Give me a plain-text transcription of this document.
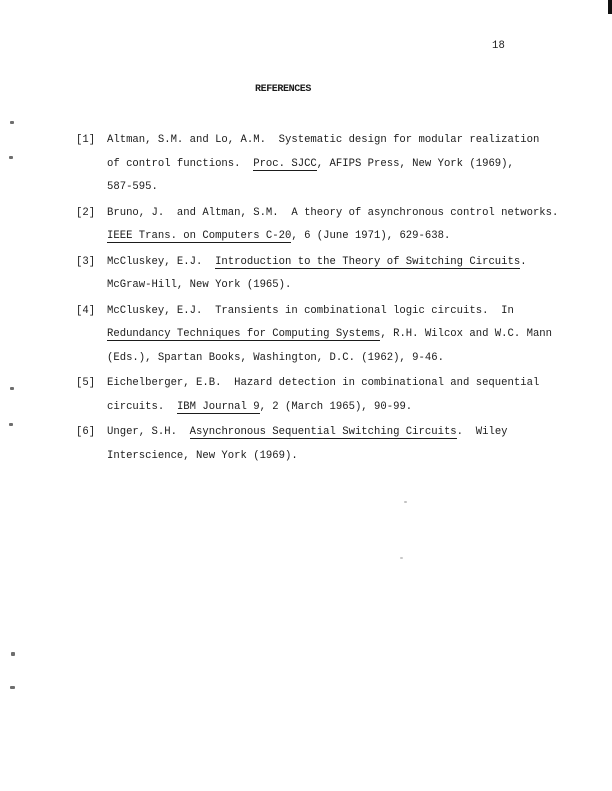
18
REFERENCES
[1]	Altman, S.M. and Lo, A.M.  Systematic design for modular realization
of control functions.  Proc. SJCC, AFIPS Press, New York (1969),
587-595.
[2]	Bruno, J.  and Altman, S.M.  A theory of asynchronous control networks.
IEEE Trans. on Computers C-20, 6 (June 1971), 629-638.
[3]	McCluskey, E.J.  Introduction to the Theory of Switching Circuits.
McGraw-Hill, New York (1965).
[4]	McCluskey, E.J.  Transients in combinational logic circuits.  In
Redundancy Techniques for Computing Systems, R.H. Wilcox and W.C. Mann
(Eds.), Spartan Books, Washington, D.C. (1962), 9-46.
[5]	Eichelberger, E.B.  Hazard detection in combinational and sequential
circuits.  IBM Journal 9, 2 (March 1965), 90-99.
[6]	Unger, S.H.  Asynchronous Sequential Switching Circuits.  Wiley
Interscience, New York (1969).
